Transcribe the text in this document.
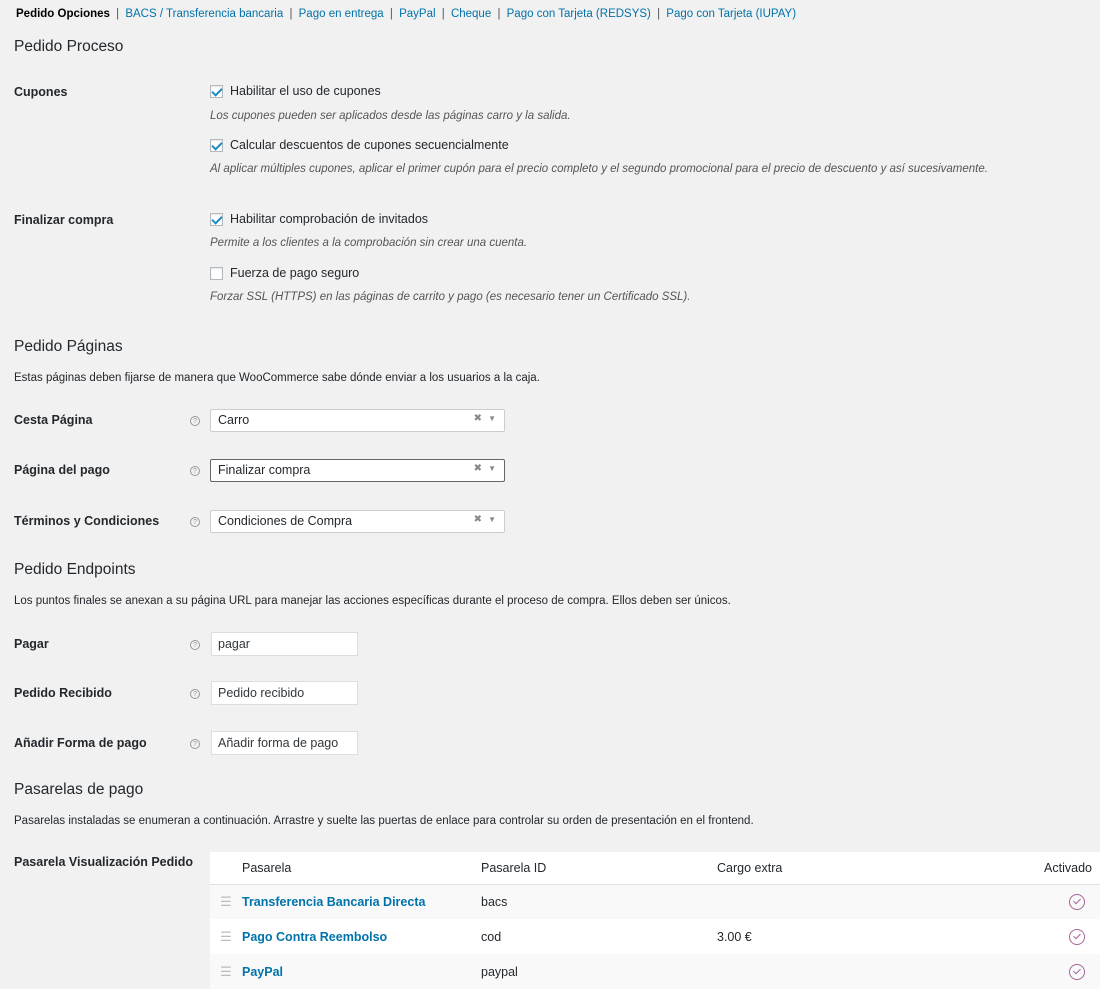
Pedido Opciones | BACS / Transferencia bancaria | Pago en entrega | PayPal | Cheque | Pago con Tarjeta (REDSYS) | Pago con Tarjeta (IUPAY)
Pedido Proceso
Cupones	Habilitar el uso de cupones
Los cupones pueden ser aplicados desde las páginas carro y la salida.
Calcular descuentos de cupones secuencialmente
Al aplicar múltiples cupones, aplicar el primer cupón para el precio completo y el segundo promocional para el precio de descuento y así sucesivamente.
Finalizar compra	Habilitar comprobación de invitados
Permite a los clientes a la comprobación sin crear una cuenta.
Fuerza de pago seguro
Forzar SSL (HTTPS) en las páginas de carrito y pago (es necesario tener un Certificado SSL).
Pedido Páginas

Estas páginas deben fijarse de manera que WooCommerce sabe dónde enviar a los usuarios a la caja.

Cesta Página	?	Carro	✖ ▼
Página del pago	?	Finalizar compra	✖ ▼
Términos y Condiciones	?	Condiciones de Compra	✖ ▼
Pedido Endpoints

Los puntos finales se anexan a su página URL para manejar las acciones específicas durante el proceso de compra. Ellos deben ser únicos.

Pagar	?	pagar
Pedido Recibido	?	Pedido recibido
Añadir Forma de pago	?	Añadir forma de pago
Pasarelas de pago

Pasarelas instaladas se enumeran a continuación. Arrastre y suelte las puertas de enlace para controlar su orden de presentación en el frontend.

Pasarela Visualización Pedido
		Pasarela	Pasarela ID	Cargo extra	Activado
☰	Transferencia Bancaria Directa	bacs		
☰	Pago Contra Reembolso	cod	3.00 €	
☰	PayPal	paypal		
